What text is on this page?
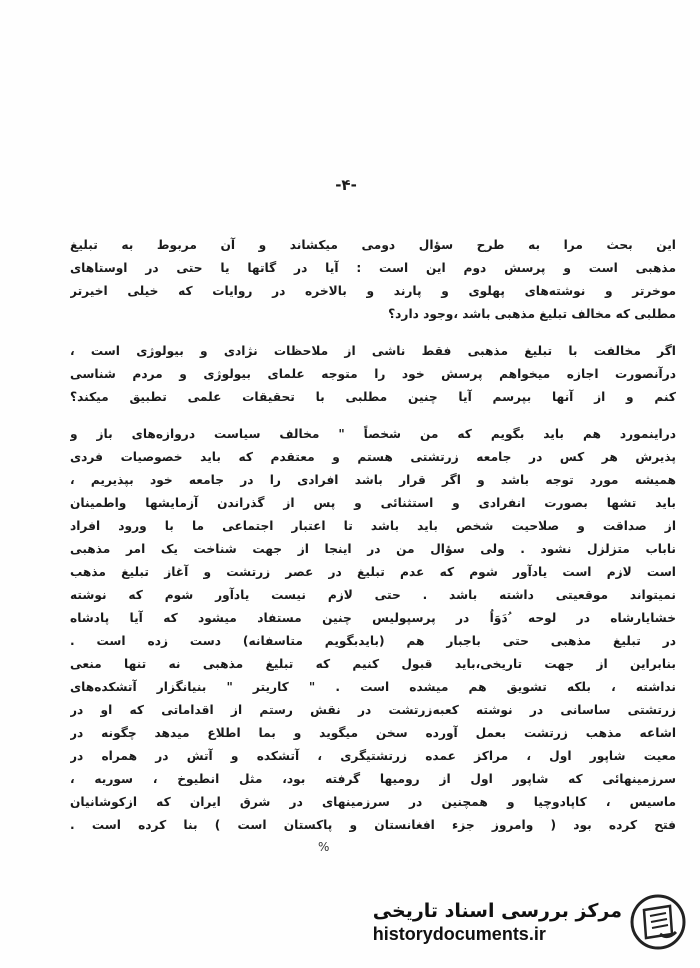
-۴-
این بحث مرا به طرح سؤال دومی میکشاند و آن مربوط به تبلیغ
مذهبی است و پرسش دوم این است : آیا در گاتها یا حتی در اوستاهای
موخرتر و نوشته‌های پهلوی و پارند و بالاخره در روایات که خیلی اخیرتر
مطلبی که مخالف تبلیغ مذهبی باشد ،وجود دارد؟
اگر مخالفت با تبلیغ مذهبی فقط ناشی از ملاحظات نژادی و بیولوژی است ،
درآنصورت اجازه میخواهم پرسش خود را متوجه علمای بیولوژی و مردم شناسی
کنم و از آنها بپرسم آیا چنین مطلبی با تحقیقات علمی تطبیق میکند؟
دراینمورد هم باید بگویم که من شخصاً " مخالف سیاست دروازه‌های باز و
پذیرش هر کس در جامعه زرتشتی هستم و معتقدم که باید خصوصیات فردی
همیشه مورد توجه باشد و اگر قرار باشد افرادی را در جامعه خود بپذیریم ،
باید تشها بصورت انفرادی و استثنائی و پس از گذراندن آزمایشها واطمینان
از صداقت و صلاحیت شخص باید باشد تا اعتبار اجتماعی ما با ورود افراد
ناباب متزلزل نشود . ولی سؤال من در اینجا از جهت شناخت یک امر مذهبی
است لازم است یادآور شوم که عدم تبلیغ در عصر زرتشت و آغاز تبلیغ مذهب
نمیتواند موقعیتی داشته باشد . حتی لازم نیست یادآور شوم که نوشته
خشایارشاه در لوحه ُدَوَاُ در پرسپولیس چنین مستفاد میشود که آیا پادشاه
در تبلیغ مذهبی حتی باجبار هم (بایدبگویم متاسفانه) دست زده است .
بنابراین از جهت تاریخی،باید قبول کنیم که تبلیغ مذهبی نه تنها منعی
نداشته ، بلکه تشویق هم میشده است . " کاریتر " بنیانگزار آتشکده‌های
زرتشتی ساسانی در نوشته کعبه‌زرتشت در نقش رستم از اقداماتی که او در
اشاعه مذهب زرتشت بعمل آورده سخن میگوید و بما اطلاع میدهد چگونه در
معیت شاپور اول ، مراکز عمده زرتشتیگری ، آتشکده و آتش در همراه در
سرزمینهائی که شاپور اول از رومیها گرفته بود، مثل انطیوخ ، سوریه ،
ماسیس ، کاپادوچیا و همچنین در سرزمینهای در شرق ایران که ازکوشانیان
فتح کرده بود ( وامروز جزء افغانستان و پاکستان است ) بنا کرده است .
%
مرکز بررسی اسناد تاریخی
historydocuments.ir
